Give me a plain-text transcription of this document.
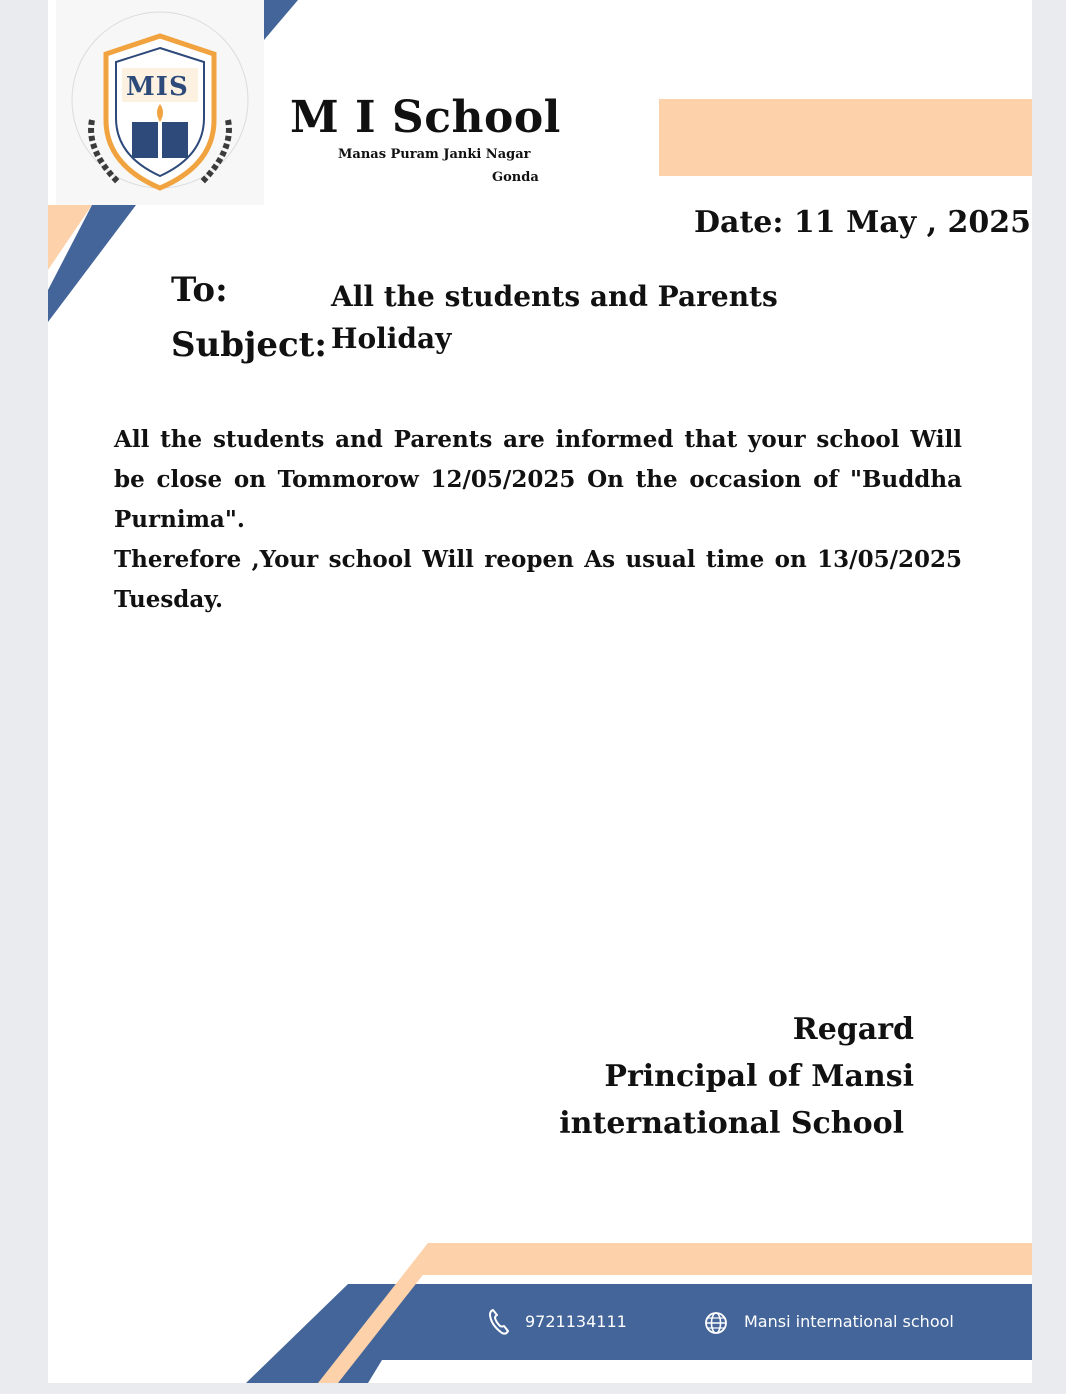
MIS
M I School
Manas Puram Janki Nagar
Gonda
Date: 11 May , 2025
To:	All the students and Parents
Subject: Holiday

All the students and Parents are informed that your school Will be close on Tommorow 12/05/2025 On the occasion of "Buddha Purnima".

Therefore ,Your school Will reopen As usual time on 13/05/2025 Tuesday.

Regard
Principal of Mansi
international School
9721134111	Mansi international school
